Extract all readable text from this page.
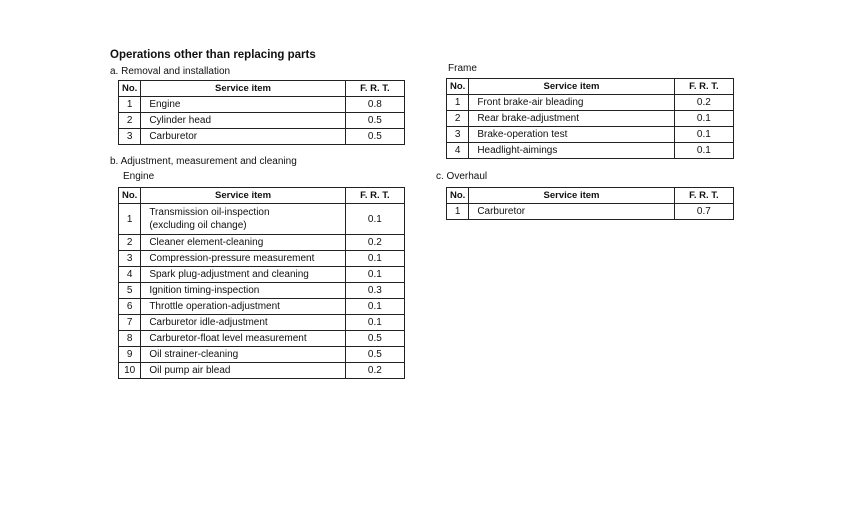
Operations other than replacing parts
a. Removal and installation
No.	Service item	F. R. T.
1	Engine	0.8
2	Cylinder head	0.5
3	Carburetor	0.5
b. Adjustment, measurement and cleaning
Engine
No.	Service item	F. R. T.
1	Transmission oil-inspection
(excluding oil change)	0.1
2	Cleaner element-cleaning	0.2
3	Compression-pressure measurement	0.1
4	Spark plug-adjustment and cleaning	0.1
5	Ignition timing-inspection	0.3
6	Throttle operation-adjustment	0.1
7	Carburetor idle-adjustment	0.1
8	Carburetor-float level measurement	0.5
9	Oil strainer-cleaning	0.5
10	Oil pump air blead	0.2
Frame
No.	Service item	F. R. T.
1	Front brake-air bleading	0.2
2	Rear brake-adjustment	0.1
3	Brake-operation test	0.1
4	Headlight-aimings	0.1
c. Overhaul
No.	Service item	F. R. T.
1	Carburetor	0.7
